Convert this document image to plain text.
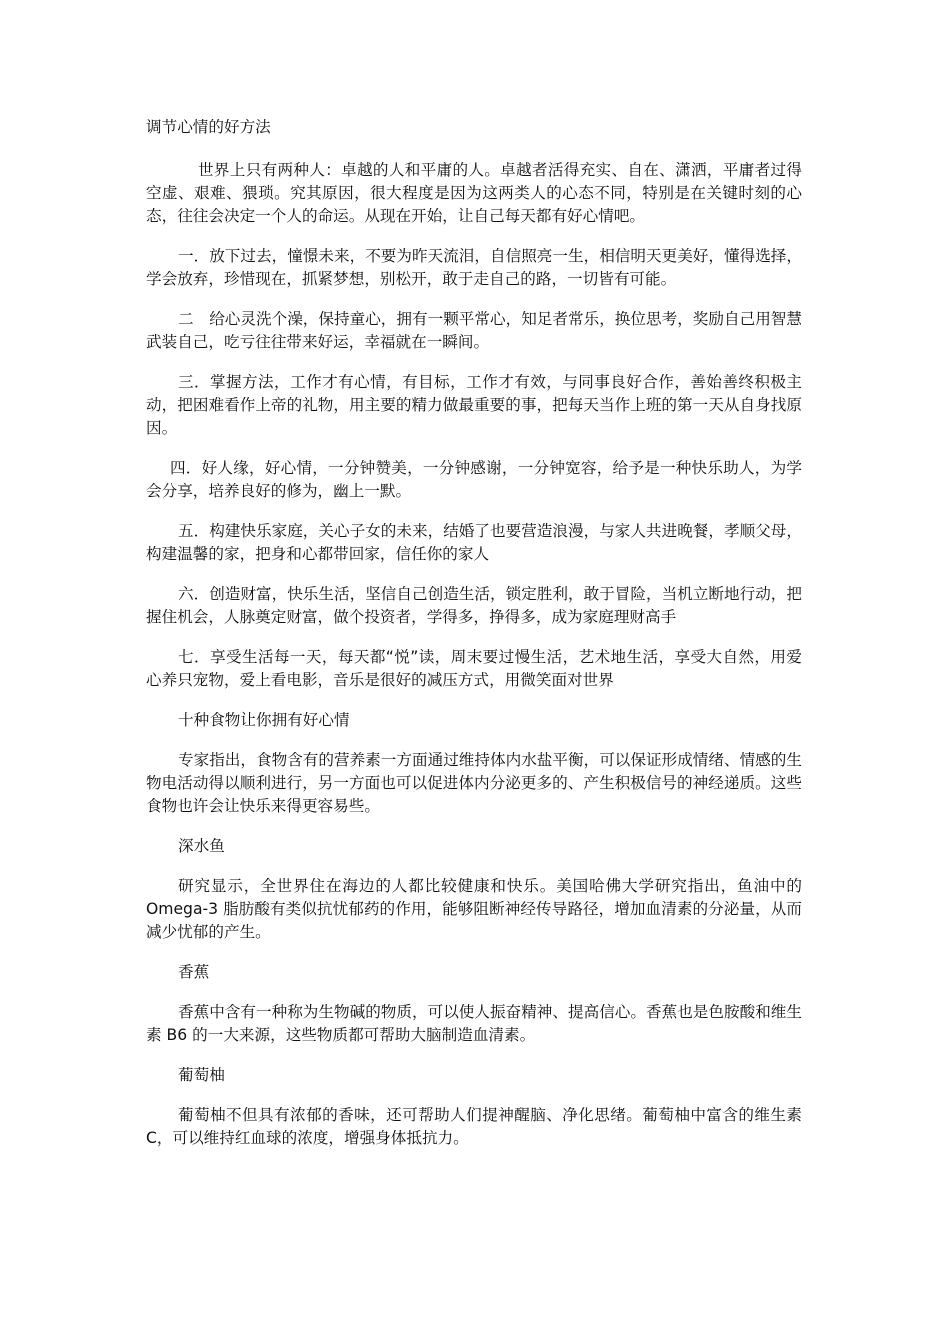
调节心情的好方法

世界上只有两种人：卓越的人和平庸的人。卓越者活得充实、自在、潇洒，平庸者过得空虚、艰难、猥琐。究其原因，很大程度是因为这两类人的心态不同，特别是在关键时刻的心态，往往会决定一个人的命运。从现在开始，让自己每天都有好心情吧。

一．放下过去，憧憬未来，不要为昨天流泪，自信照亮一生，相信明天更美好，懂得选择，学会放弃，珍惜现在，抓紧梦想，别松开，敢于走自己的路，一切皆有可能。

二　给心灵洗个澡，保持童心，拥有一颗平常心，知足者常乐，换位思考，奖励自己用智慧武装自己，吃亏往往带来好运，幸福就在一瞬间。

三．掌握方法，工作才有心情，有目标，工作才有效，与同事良好合作，善始善终积极主动，把困难看作上帝的礼物，用主要的精力做最重要的事，把每天当作上班的第一天从自身找原因。

四．好人缘，好心情，一分钟赞美，一分钟感谢，一分钟宽容，给予是一种快乐助人，为学会分享，培养良好的修为，幽上一默。

五．构建快乐家庭，关心子女的未来，结婚了也要营造浪漫，与家人共进晚餐，孝顺父母，构建温馨的家，把身和心都带回家，信任你的家人

六．创造财富，快乐生活，坚信自己创造生活，锁定胜利，敢于冒险，当机立断地行动，把握住机会，人脉奠定财富，做个投资者，学得多，挣得多，成为家庭理财高手

七．享受生活每一天，每天都“悦”读，周末要过慢生活，艺术地生活，享受大自然，用爱心养只宠物，爱上看电影，音乐是很好的减压方式，用微笑面对世界

十种食物让你拥有好心情

专家指出，食物含有的营养素一方面通过维持体内水盐平衡，可以保证形成情绪、情感的生物电活动得以顺利进行，另一方面也可以促进体内分泌更多的、产生积极信号的神经递质。这些食物也许会让快乐来得更容易些。

深水鱼

研究显示，全世界住在海边的人都比较健康和快乐。美国哈佛大学研究指出，鱼油中的 Omega-3 脂肪酸有类似抗忧郁药的作用，能够阻断神经传导路径，增加血清素的分泌量，从而减少忧郁的产生。

香蕉

香蕉中含有一种称为生物碱的物质，可以使人振奋精神、提高信心。香蕉也是色胺酸和维生素 B6 的一大来源，这些物质都可帮助大脑制造血清素。

葡萄柚

葡萄柚不但具有浓郁的香味，还可帮助人们提神醒脑、净化思绪。葡萄柚中富含的维生素 C，可以维持红血球的浓度，增强身体抵抗力。
